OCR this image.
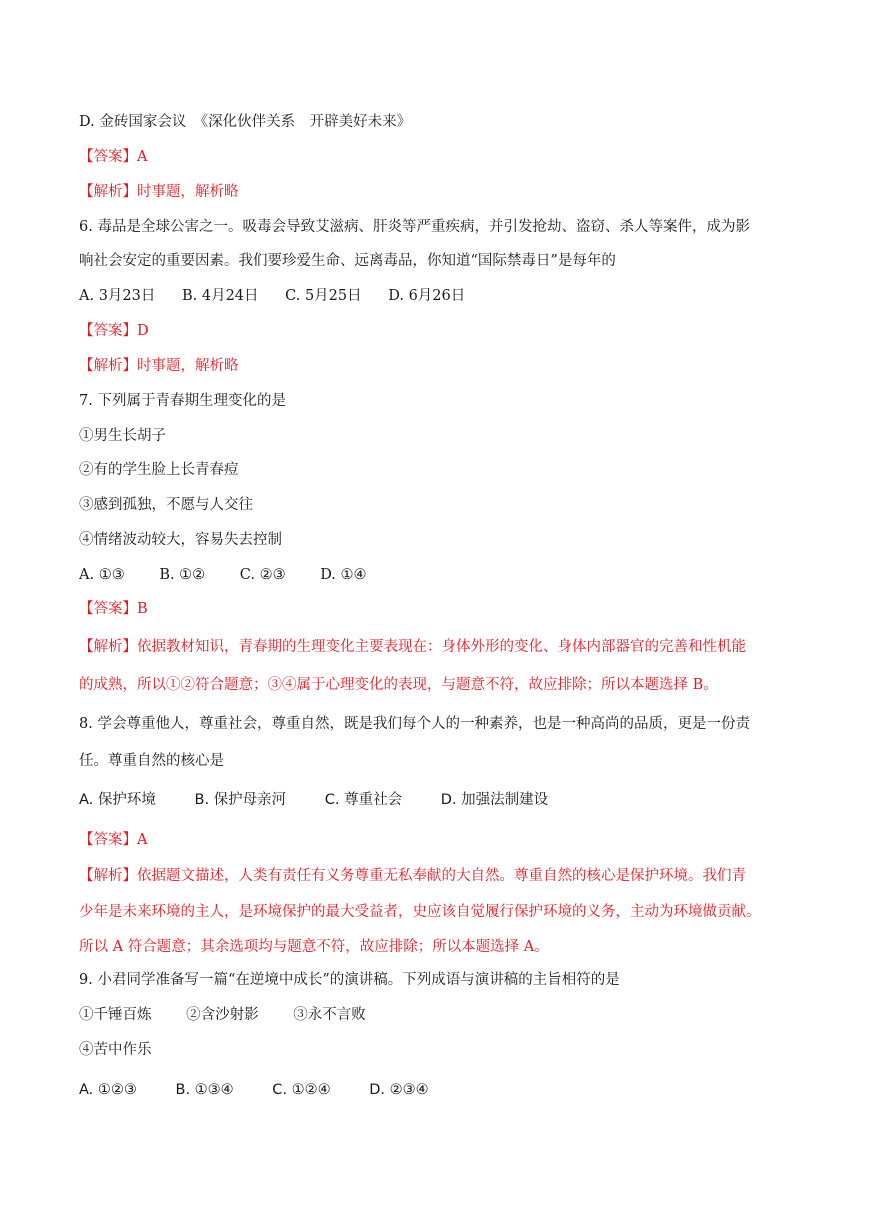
D. 金砖国家会议　《深化伙伴关系　开辟美好未来》

【答案】A

【解析】时事题，解析略

6. 毒品是全球公害之一。吸毒会导致艾滋病、肝炎等严重疾病，并引发抢劫、盗窃、杀人等案件，成为影

响社会安定的重要因素。我们要珍爱生命、远离毒品，你知道“国际禁毒日”是每年的

A. 3月23日 B. 4月24日 C. 5月25日 D. 6月26日

【答案】D

【解析】时事题，解析略

7. 下列属于青春期生理变化的是

①男生长胡子

②有的学生脸上长青春痘

③感到孤独，不愿与人交往

④情绪波动较大，容易失去控制

A. ①③ B. ①② C. ②③ D. ①④

【答案】B

【解析】依据教材知识，青春期的生理变化主要表现在：身体外形的变化、身体内部器官的完善和性机能

的成熟，所以①②符合题意；③④属于心理变化的表现，与题意不符，故应排除；所以本题选择 B。

8. 学会尊重他人，尊重社会，尊重自然，既是我们每个人的一种素养，也是一种高尚的品质，更是一份责

任。尊重自然的核心是

A. 保护环境	B. 保护母亲河	C. 尊重社会	D. 加强法制建设

【答案】A

【解析】依据题文描述，人类有责任有义务尊重无私奉献的大自然。尊重自然的核心是保护环境。我们青

少年是未来环境的主人，是环境保护的最大受益者，史应该自觉履行保护环境的义务，主动为环境做贡献。

所以 A 符合题意；其余选项均与题意不符，故应排除；所以本题选择 A。

9. 小君同学准备写一篇“在逆境中成长”的演讲稿。下列成语与演讲稿的主旨相符的是

①千锤百炼 ②含沙射影 ③永不言败

④苦中作乐

A. ①②③	B. ①③④	C. ①②④	D. ②③④
